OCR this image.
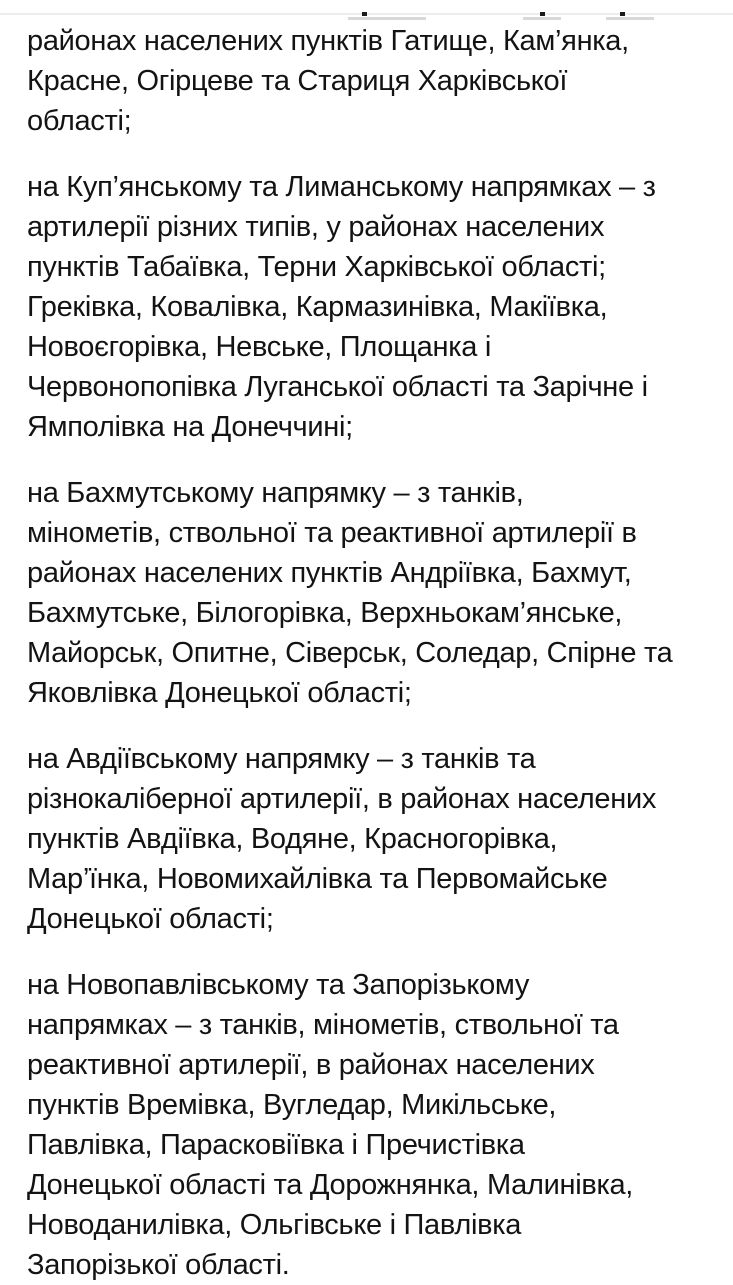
районах населених пунктів Гатище, Кам’янка,
Красне, Огірцеве та Стариця Харківської
області;

на Куп’янському та Лиманському напрямках – з
артилерії різних типів, у районах населених
пунктів Табаївка, Терни Харківської області;
Греківка, Ковалівка, Кармазинівка, Макіївка,
Новоєгорівка, Невське, Площанка і
Червонопопівка Луганської області та Зарічне і
Ямполівка на Донеччині;

на Бахмутському напрямку – з танків,
мінометів, ствольної та реактивної артилерії в
районах населених пунктів Андріївка, Бахмут,
Бахмутське, Білогорівка, Верхньокам’янське,
Майорськ, Опитне, Сіверськ, Соледар, Спірне та
Яковлівка Донецької області;

на Авдіївському напрямку – з танків та
різнокаліберної артилерії, в районах населених
пунктів Авдіївка, Водяне, Красногорівка,
Мар’їнка, Новомихайлівка та Первомайське
Донецької області;

на Новопавлівському та Запорізькому
напрямках – з танків, мінометів, ствольної та
реактивної артилерії, в районах населених
пунктів Времівка, Вугледар, Микільське,
Павлівка, Парасковіївка і Пречистівка
Донецької області та Дорожнянка, Малинівка,
Новоданилівка, Ольгівське і Павлівка
Запорізької області.
